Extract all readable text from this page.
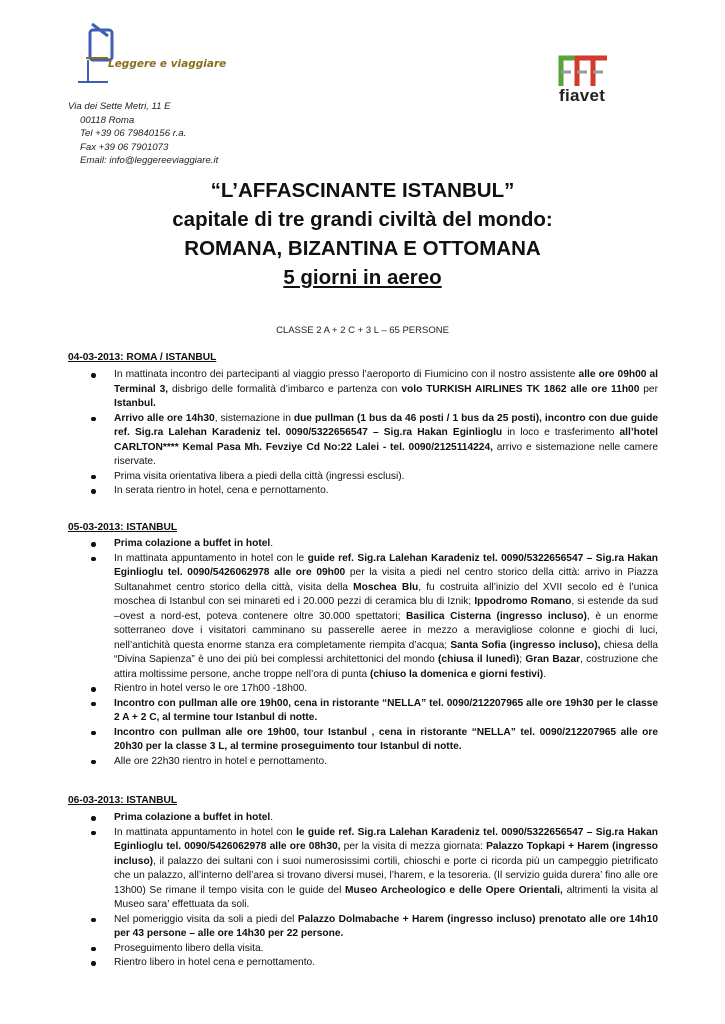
Leggere e viaggiare
fiavet
Via dei Sette Metri, 11 E
00118 Roma
Tel +39 06 79840156 r.a.
Fax +39 06 7901073
Email: info@leggereeviaggiare.it
“L’AFFASCINANTE ISTANBUL”
capitale di tre grandi civiltà del mondo:
ROMANA, BIZANTINA E OTTOMANA
5 giorni in aereo
CLASSE 2 A + 2 C + 3 L – 65 PERSONE
04-03-2013: ROMA / ISTANBUL
In mattinata incontro dei partecipanti al viaggio presso l’aeroporto di Fiumicino con il nostro assistente alle ore 09h00 al Terminal 3, disbrigo delle formalità d’imbarco e partenza con volo TURKISH AIRLINES TK 1862 alle ore 11h00 per Istanbul.
Arrivo alle ore 14h30, sistemazione in due pullman (1 bus da 46 posti / 1 bus da 25 posti), incontro con due guide ref. Sig.ra Lalehan Karadeniz tel. 0090/5322656547 – Sig.ra Hakan Eginlioglu in loco e trasferimento all’hotel CARLTON**** Kemal Pasa Mh. Fevziye Cd No:22 Lalei - tel. 0090/2125114224, arrivo e sistemazione nelle camere riservate.
Prima visita orientativa libera a piedi della città (ingressi esclusi).
In serata rientro in hotel, cena e pernottamento.
05-03-2013: ISTANBUL
Prima colazione a buffet in hotel.
In mattinata appuntamento in hotel con le guide ref. Sig.ra Lalehan Karadeniz tel. 0090/5322656547 – Sig.ra Hakan Eginlioglu tel. 0090/5426062978 alle ore 09h00 per la visita a piedi nel centro storico della città: arrivo in Piazza Sultanahmet centro storico della città, visita della Moschea Blu, fu costruita all’inizio del XVII secolo ed è l’unica moschea di Istanbul con sei minareti ed i 20.000 pezzi di ceramica blu di Iznik; Ippodromo Romano, si estende da sud –ovest a nord-est, poteva contenere oltre 30.000 spettatori; Basilica Cisterna (ingresso incluso), è un enorme sotterraneo dove i visitatori camminano su passerelle aeree in mezzo a meravigliose colonne e giochi di luci, nell’antichità questa enorme stanza era completamente riempita d’acqua; Santa Sofia (ingresso incluso), chiesa della “Divina Sapienza” è uno dei più bei complessi architettonici del mondo (chiusa il lunedì); Gran Bazar, costruzione che attira moltissime persone, anche troppe nell’ora di punta (chiuso la domenica e giorni festivi).
Rientro in hotel verso le ore 17h00 -18h00.
Incontro con pullman alle ore 19h00, cena in ristorante “NELLA” tel. 0090/212207965 alle ore 19h30 per le classe 2 A + 2 C, al termine tour Istanbul di notte.
Incontro con pullman alle ore 19h00, tour Istanbul , cena in ristorante “NELLA” tel. 0090/212207965 alle ore 20h30 per la classe 3 L, al termine proseguimento tour Istanbul di notte.
Alle ore 22h30 rientro in hotel e pernottamento.
06-03-2013: ISTANBUL
Prima colazione a buffet in hotel.
In mattinata appuntamento in hotel con le guide ref. Sig.ra Lalehan Karadeniz tel. 0090/5322656547 – Sig.ra Hakan Eginlioglu tel. 0090/5426062978 alle ore 08h30, per la visita di mezza giornata: Palazzo Topkapi + Harem (ingresso incluso), il palazzo dei sultani con i suoi numerosissimi cortili, chioschi e porte ci ricorda più un campeggio pietrificato che un palazzo, all’interno dell’area si trovano diversi musei, l’harem, e la tesoreria. (Il servizio guida durera’ fino alle ore 13h00) Se rimane il tempo visita con le guide del Museo Archeologico e delle Opere Orientali, altrimenti la visita al Museo sara’ effettuata da soli.
Nel pomeriggio visita da soli a piedi del Palazzo Dolmabache + Harem (ingresso incluso) prenotato alle ore 14h10 per 43 persone – alle ore 14h30 per 22 persone.
Proseguimento libero della visita.
Rientro libero in hotel cena e pernottamento.
